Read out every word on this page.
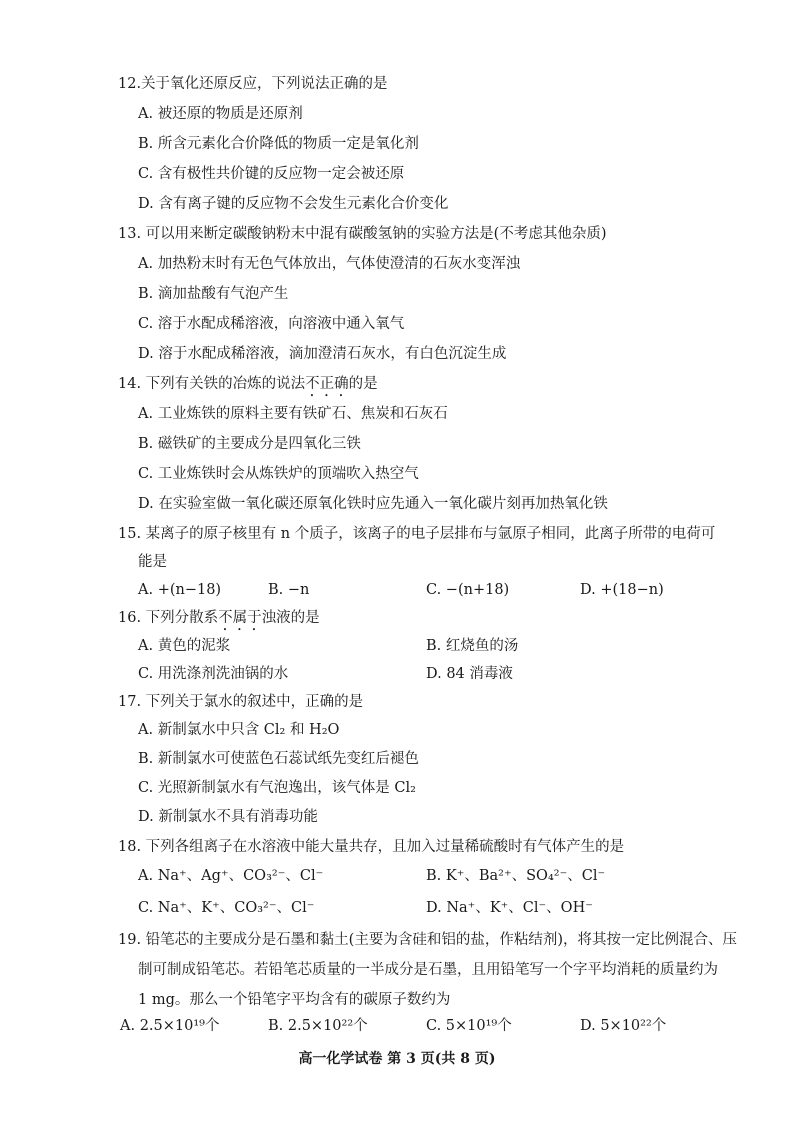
12.关于氧化还原反应，下列说法正确的是
A. 被还原的物质是还原剂
B. 所含元素化合价降低的物质一定是氧化剂
C. 含有极性共价键的反应物一定会被还原
D. 含有离子键的反应物不会发生元素化合价变化
13. 可以用来断定碳酸钠粉末中混有碳酸氢钠的实验方法是(不考虑其他杂质)
A. 加热粉末时有无色气体放出，气体使澄清的石灰水变浑浊
B. 滴加盐酸有气泡产生
C. 溶于水配成稀溶液，向溶液中通入氧气
D. 溶于水配成稀溶液，滴加澄清石灰水，有白色沉淀生成
14. 下列有关铁的冶炼的说法不正确的是
A. 工业炼铁的原料主要有铁矿石、焦炭和石灰石
B. 磁铁矿的主要成分是四氧化三铁
C. 工业炼铁时会从炼铁炉的顶端吹入热空气
D. 在实验室做一氧化碳还原氧化铁时应先通入一氧化碳片刻再加热氧化铁
15. 某离子的原子核里有 n 个质子，该离子的电子层排布与氩原子相同，此离子所带的电荷可
能是
A. +(n−18)	B. −n	C. −(n+18)	D. +(18−n)
16. 下列分散系不属于浊液的是
A. 黄色的泥浆	B. 红烧鱼的汤
C. 用洗涤剂洗油锅的水	D. 84 消毒液
17. 下列关于氯水的叙述中，正确的是
A. 新制氯水中只含 Cl₂ 和 H₂O
B. 新制氯水可使蓝色石蕊试纸先变红后褪色
C. 光照新制氯水有气泡逸出，该气体是 Cl₂
D. 新制氯水不具有消毒功能
18. 下列各组离子在水溶液中能大量共存，且加入过量稀硫酸时有气体产生的是
A. Na⁺、Ag⁺、CO₃²⁻、Cl⁻	B. K⁺、Ba²⁺、SO₄²⁻、Cl⁻
C. Na⁺、K⁺、CO₃²⁻、Cl⁻	D. Na⁺、K⁺、Cl⁻、OH⁻
19. 铅笔芯的主要成分是石墨和黏土(主要为含硅和铝的盐，作粘结剂)，将其按一定比例混合、压
制可制成铅笔芯。若铅笔芯质量的一半成分是石墨，且用铅笔写一个字平均消耗的质量约为
1 mg。那么一个铅笔字平均含有的碳原子数约为
A. 2.5×10¹⁹个	B. 2.5×10²²个	C. 5×10¹⁹个	D. 5×10²²个
高一化学试卷 第 3 页(共 8 页)
